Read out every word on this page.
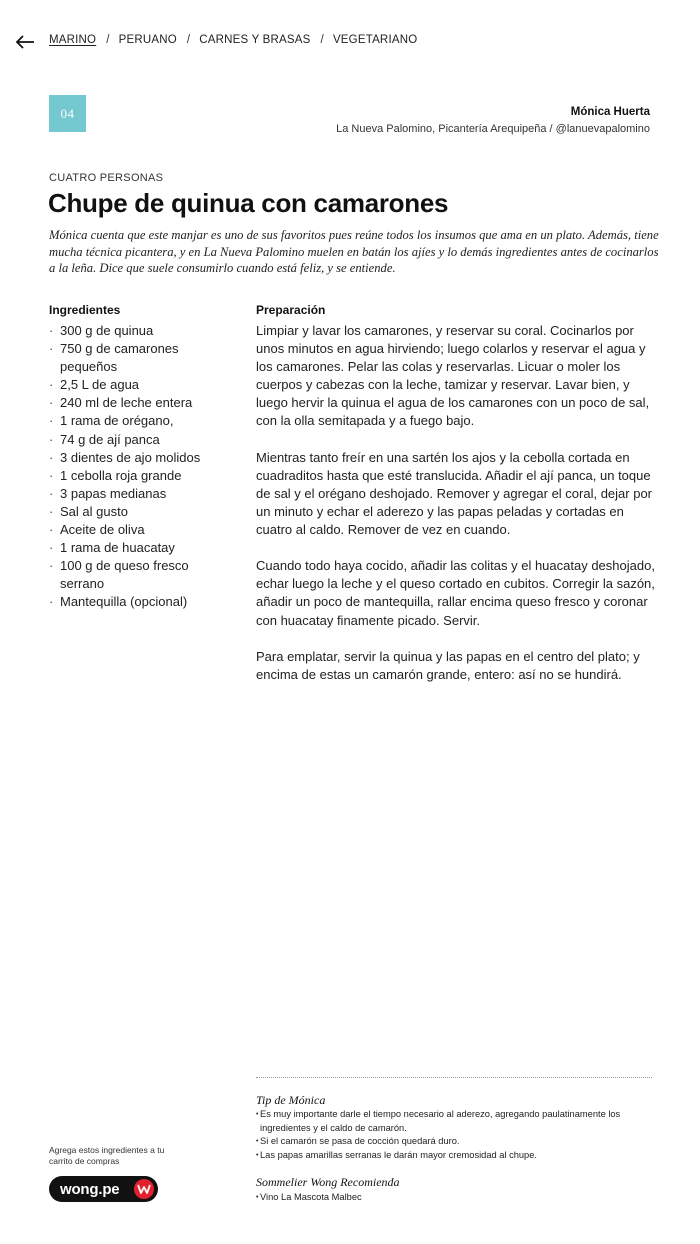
MARINO / PERUANO / CARNES Y BRASAS / VEGETARIANO
04	Mónica Huerta
La Nueva Palomino, Picantería Arequipeña / @lanuevapalomino
CUATRO PERSONAS
Chupe de quinua con camarones

Mónica cuenta que este manjar es uno de sus favoritos pues reúne todos los insumos que ama en un plato. Además, tiene mucha técnica picantera, y en La Nueva Palomino muelen en batán los ajíes y lo demás ingredientes antes de cocinarlos a la leña. Dice que suele consumirlo cuando está feliz, y se entiende.

Ingredientes
· 300 g de quinua
· 750 g de camarones pequeños
· 2,5 L de agua
· 240 ml de leche entera
· 1 rama de orégano,
· 74 g de ají panca
· 3 dientes de ajo molidos
· 1 cebolla roja grande
· 3 papas medianas
· Sal al gusto
· Aceite de oliva
· 1 rama de huacatay
· 100 g de queso fresco serrano
· Mantequilla (opcional)
Preparación

Limpiar y lavar los camarones, y reservar su coral. Cocinarlos por unos minutos en agua hirviendo; luego colarlos y reservar el agua y los camarones. Pelar las colas y reservarlas. Licuar o moler los cuerpos y cabezas con la leche, tamizar y reservar. Lavar bien, y luego hervir la quinua el agua de los camarones con un poco de sal, con la olla semitapada y a fuego bajo.

Mientras tanto freír en una sartén los ajos y la cebolla cortada en cuadraditos hasta que esté translucida. Añadir el ají panca, un toque de sal y el orégano deshojado. Remover y agregar el coral, dejar por un minuto y echar el aderezo y las papas peladas y cortadas en cuatro al caldo. Remover de vez en cuando.

Cuando todo haya cocido, añadir las colitas y el huacatay deshojado, echar luego la leche y el queso cortado en cubitos. Corregir la sazón, añadir un poco de mantequilla, rallar encima queso fresco y coronar con huacatay finamente picado. Servir.

Para emplatar, servir la quinua y las papas en el centro del plato; y encima de estas un camarón grande, entero: así no se hundirá.

Tip de Mónica
• Es muy importante darle el tiempo necesario al aderezo, agregando paulatinamente los ingredientes y el caldo de camarón.
• Si el camarón se pasa de cocción quedará duro.
• Las papas amarillas serranas le darán mayor cremosidad al chupe.
Sommelier Wong Recomienda
• Vino La Mascota Malbec
Agrega estos ingredientes a tu carrito de compras
wong.pe
